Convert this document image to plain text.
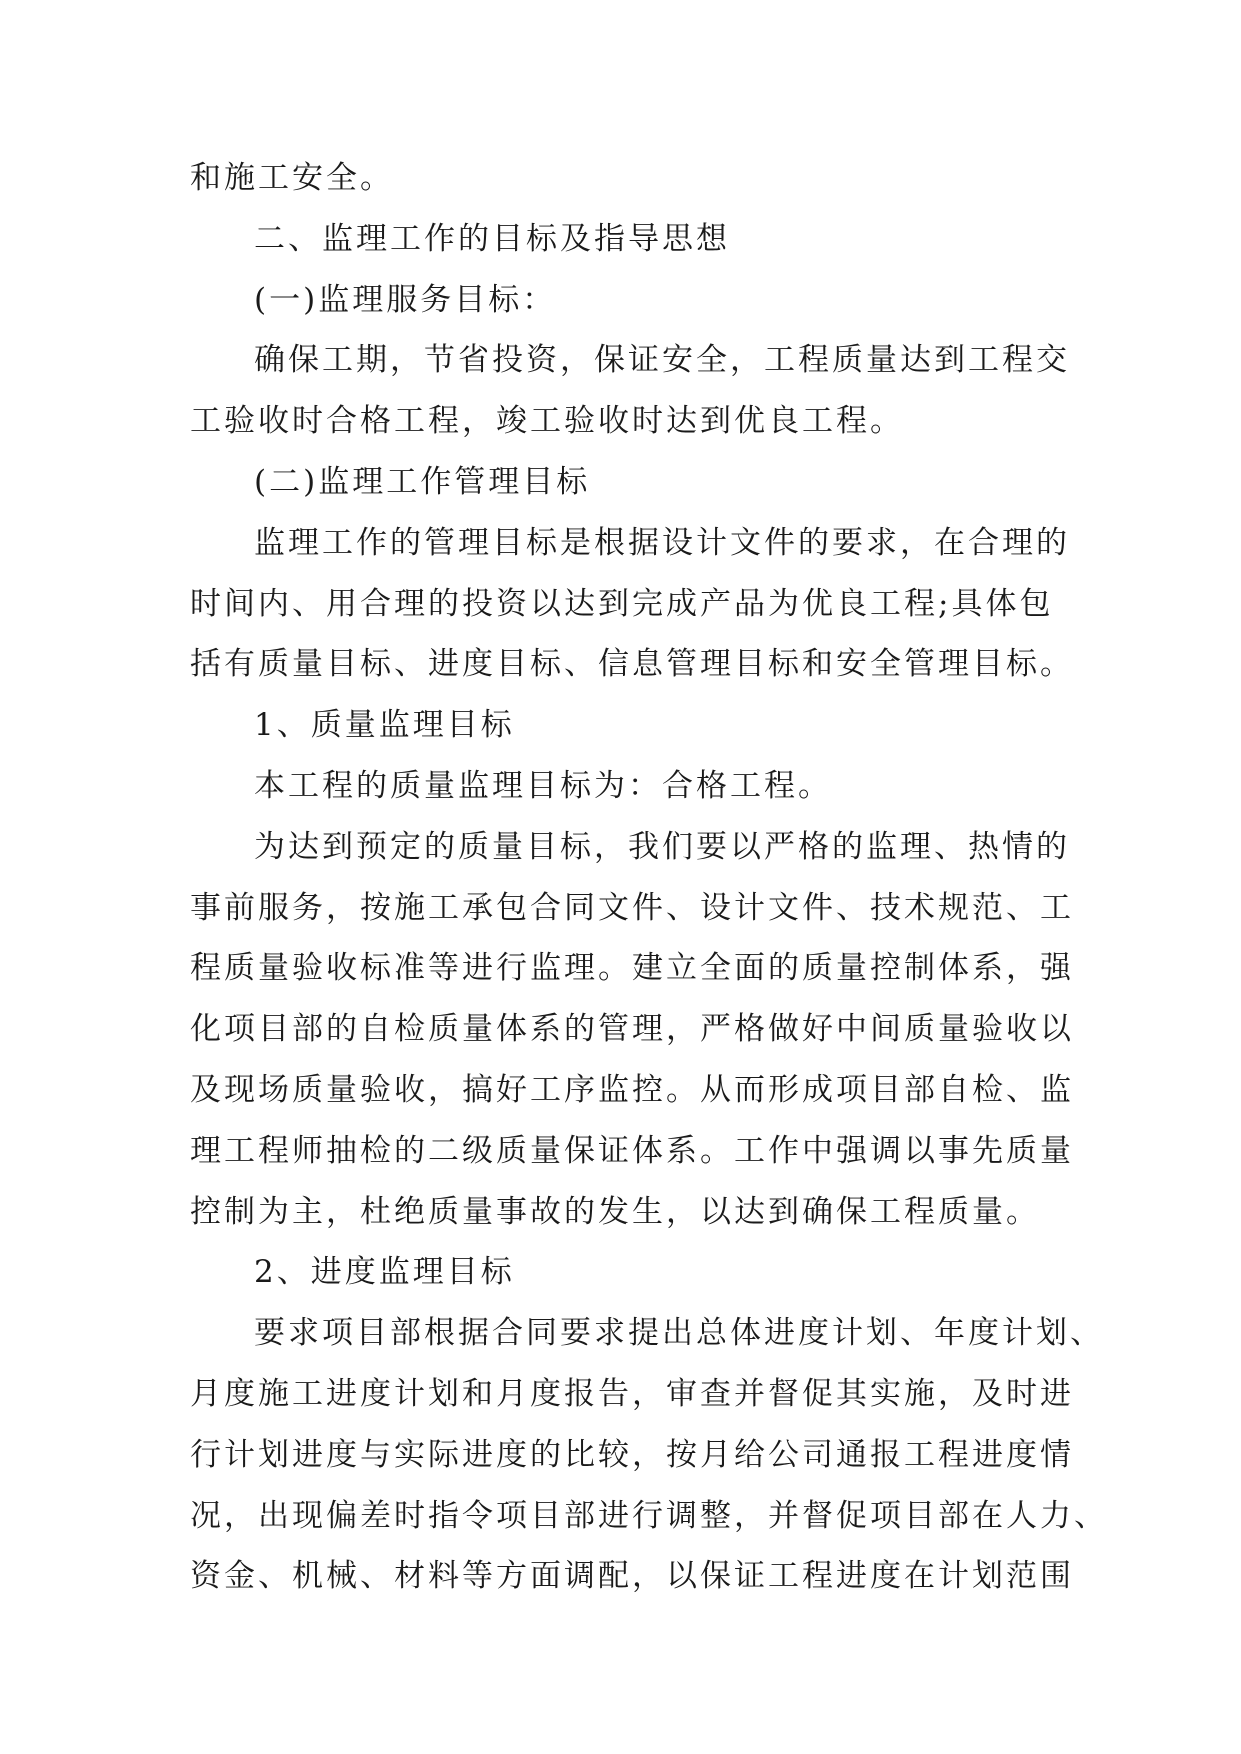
和施工安全。
二、监理工作的目标及指导思想
(一)监理服务目标：
确保工期，节省投资，保证安全，工程质量达到工程交
工验收时合格工程，竣工验收时达到优良工程。
(二)监理工作管理目标
监理工作的管理目标是根据设计文件的要求，在合理的
时间内、用合理的投资以达到完成产品为优良工程;具体包
括有质量目标、进度目标、信息管理目标和安全管理目标。
1、质量监理目标
本工程的质量监理目标为：合格工程。
为达到预定的质量目标，我们要以严格的监理、热情的
事前服务，按施工承包合同文件、设计文件、技术规范、工
程质量验收标准等进行监理。建立全面的质量控制体系，强
化项目部的自检质量体系的管理，严格做好中间质量验收以
及现场质量验收，搞好工序监控。从而形成项目部自检、监
理工程师抽检的二级质量保证体系。工作中强调以事先质量
控制为主，杜绝质量事故的发生，以达到确保工程质量。
2、进度监理目标
要求项目部根据合同要求提出总体进度计划、年度计划、
月度施工进度计划和月度报告，审查并督促其实施，及时进
行计划进度与实际进度的比较，按月给公司通报工程进度情
况，出现偏差时指令项目部进行调整，并督促项目部在人力、
资金、机械、材料等方面调配，以保证工程进度在计划范围
